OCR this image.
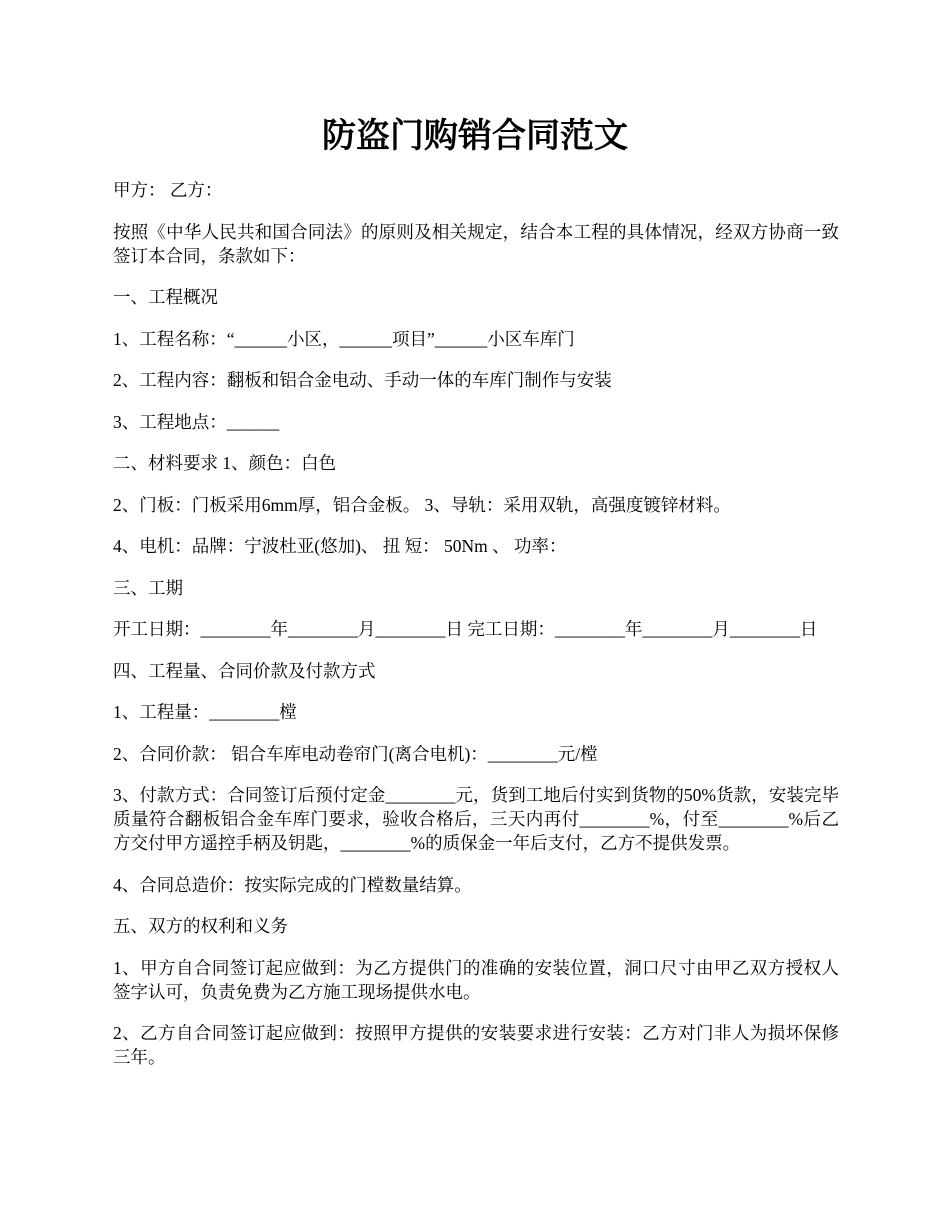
防盗门购销合同范文

甲方： 乙方：

按照《中华人民共和国合同法》的原则及相关规定，结合本工程的具体情况，经双方协商一致签订本合同，条款如下：

一、工程概况

1、工程名称：“______小区，______项目”______小区车库门

2、工程内容：翻板和铝合金电动、手动一体的车库门制作与安装

3、工程地点：______

二、材料要求 1、颜色：白色

2、门板：门板采用6mm厚，铝合金板。 3、导轨：采用双轨，高强度镀锌材料。

4、电机：品牌：宁波杜亚(悠加)、 扭 短： 50Nm 、 功率：

三、工期

开工日期：________年________月________日 完工日期：________年________月________日

四、工程量、合同价款及付款方式

1、工程量：________樘

2、合同价款： 铝合车库电动卷帘门(离合电机)：________元/樘

3、付款方式：合同签订后预付定金________元，货到工地后付实到货物的50%货款，安装完毕质量符合翻板铝合金车库门要求，验收合格后，三天内再付________%，付至________%后乙方交付甲方遥控手柄及钥匙，________%的质保金一年后支付，乙方不提供发票。

4、合同总造价：按实际完成的门樘数量结算。

五、双方的权利和义务

1、甲方自合同签订起应做到：为乙方提供门的准确的安装位置，洞口尺寸由甲乙双方授权人签字认可，负责免费为乙方施工现场提供水电。

2、乙方自合同签订起应做到：按照甲方提供的安装要求进行安装：乙方对门非人为损坏保修三年。
